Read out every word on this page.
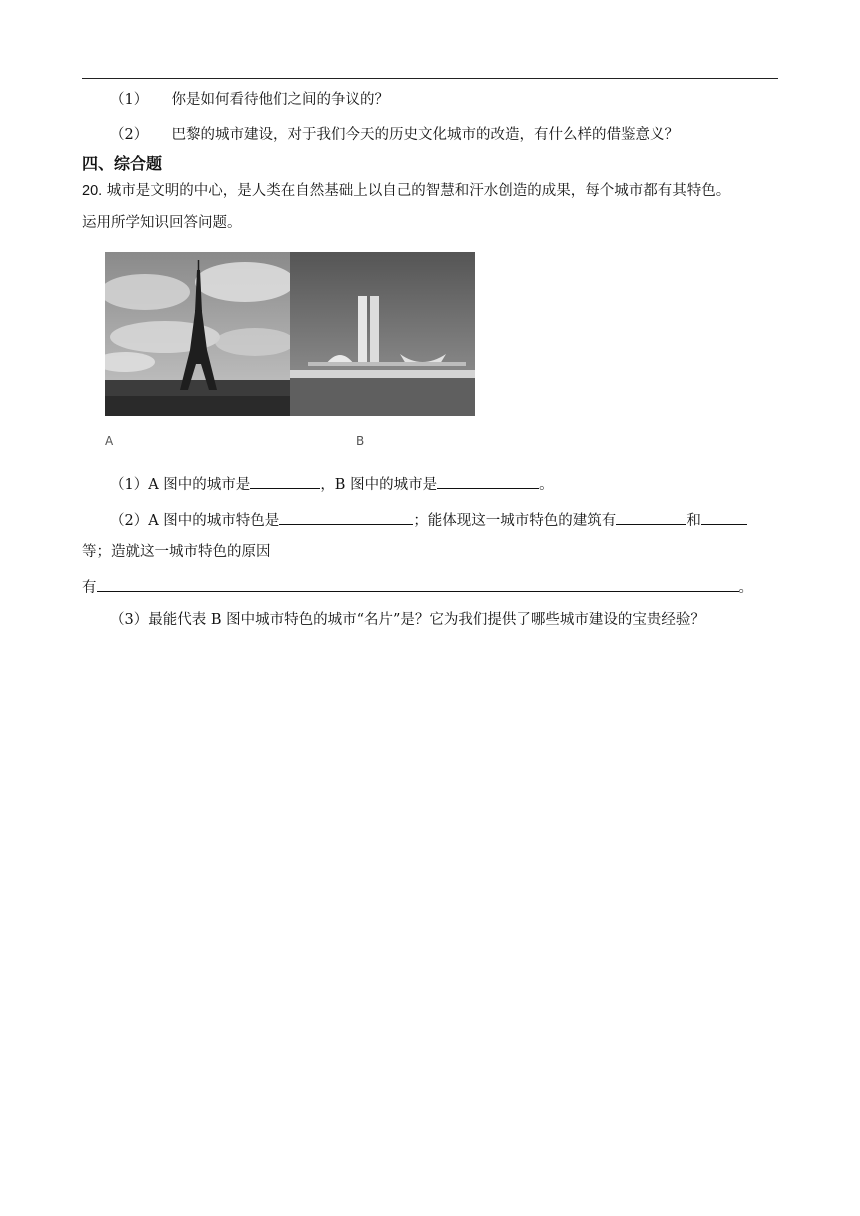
（1） 你是如何看待他们之间的争议的？
（2） 巴黎的城市建设，对于我们今天的历史文化城市的改造，有什么样的借鉴意义？
四、综合题
20. 城市是文明的中心，是人类在自然基础上以自己的智慧和汗水创造的成果，每个城市都有其特色。
运用所学知识回答问题。
A	B
（1）A 图中的城市是	，B 图中的城市是	。
（2）A 图中的城市特色是	；能体现这一城市特色的建筑有	和
等；造就这一城市特色的原因
有	。
（3）最能代表 B 图中城市特色的城市“名片”是？它为我们提供了哪些城市建设的宝贵经验？
